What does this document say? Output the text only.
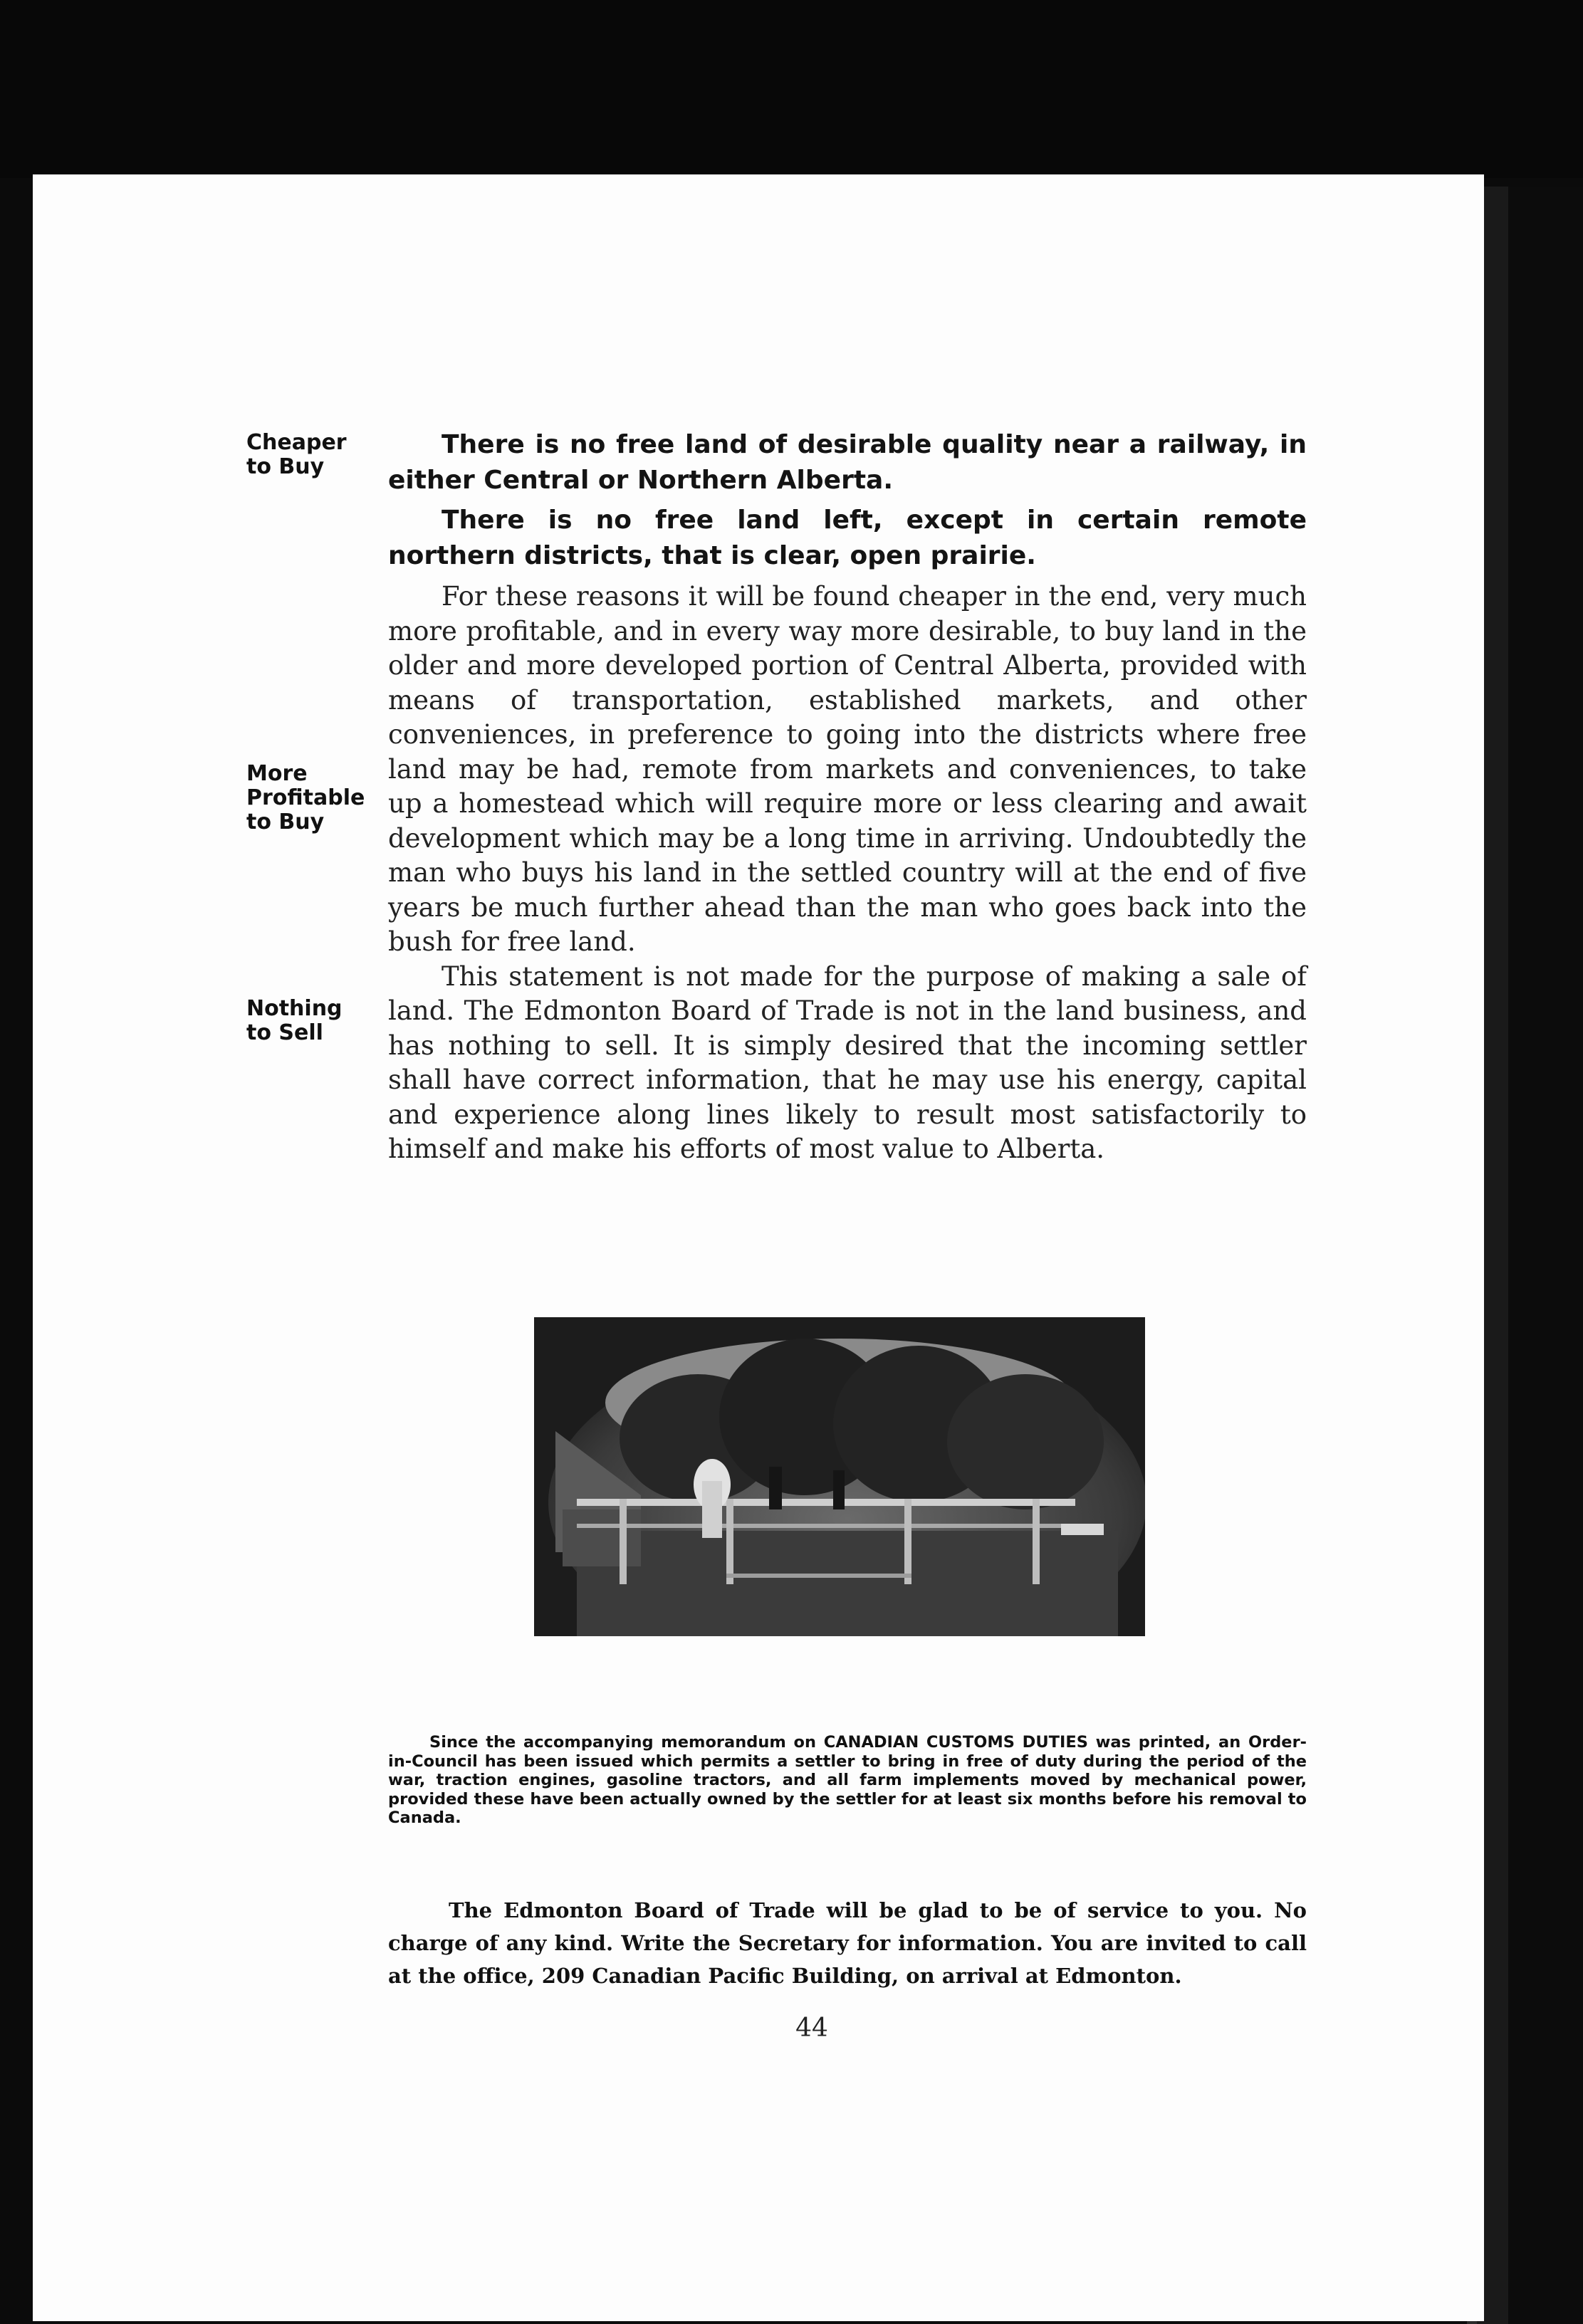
Cheaper
to Buy
More
Profitable
to Buy
Nothing
to Sell

There is no free land of desirable quality near a railway, in either Central or Northern Alberta.

There is no free land left, except in certain remote northern districts, that is clear, open prairie.

For these reasons it will be found cheaper in the end, very much more profitable, and in every way more desirable, to buy land in the older and more developed portion of Central Alberta, provided with means of transportation, established markets, and other conveniences, in preference to going into the districts where free land may be had, remote from markets and conveniences, to take up a homestead which will require more or less clearing and await development which may be a long time in arriving. Undoubtedly the man who buys his land in the settled country will at the end of five years be much further ahead than the man who goes back into the bush for free land.

This statement is not made for the purpose of making a sale of land. The Edmonton Board of Trade is not in the land business, and has nothing to sell. It is simply desired that the incoming settler shall have correct information, that he may use his energy, capital and experience along lines likely to result most satisfactorily to himself and make his efforts of most value to Alberta.

Since the accompanying memorandum on CANADIAN CUSTOMS DUTIES was printed, an Order-in-Council has been issued which permits a settler to bring in free of duty during the period of the war, traction engines, gasoline tractors, and all farm implements moved by mechanical power, provided these have been actually owned by the settler for at least six months before his removal to Canada.

The Edmonton Board of Trade will be glad to be of service to you. No charge of any kind. Write the Secretary for information. You are invited to call at the office, 209 Canadian Pacific Building, on arrival at Edmonton.

44
